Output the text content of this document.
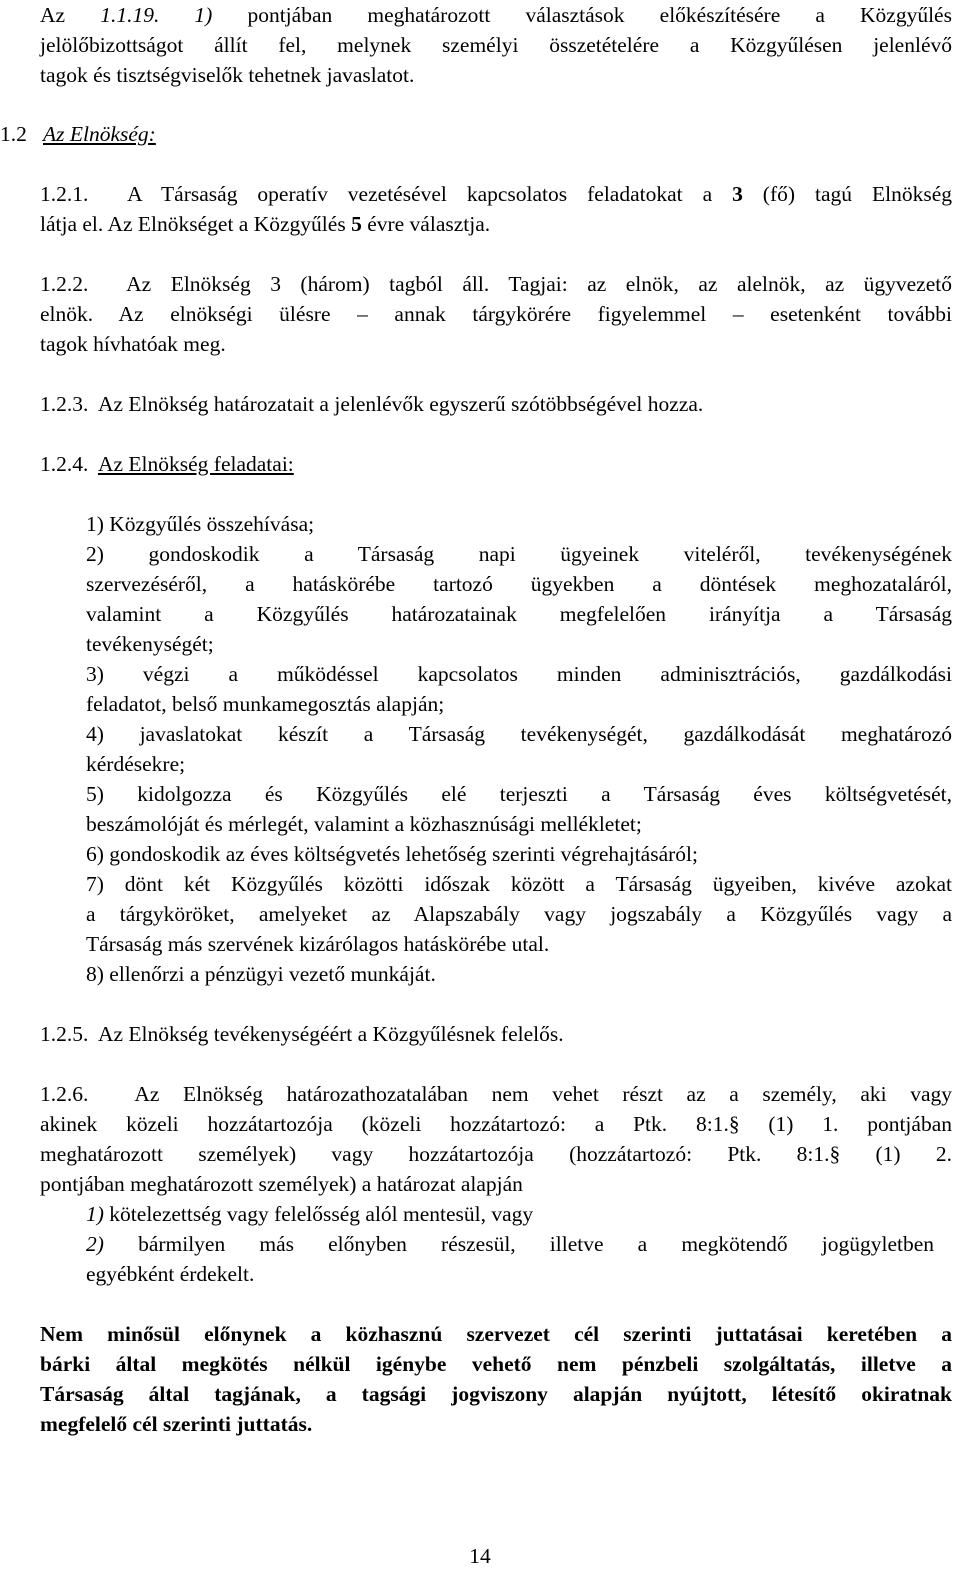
Az 1.1.19. 1) pontjában meghatározott választások előkészítésére a Közgyűlés

jelölőbizottságot állít fel, melynek személyi összetételére a Közgyűlésen jelenlévő

tagok és tisztségviselők tehetnek javaslatot.

1.2 Az Elnökség:

1.2.1. A Társaság operatív vezetésével kapcsolatos feladatokat a 3 (fő) tagú Elnökség

látja el. Az Elnökséget a Közgyűlés 5 évre választja.

1.2.2. Az Elnökség 3 (három) tagból áll. Tagjai: az elnök, az alelnök, az ügyvezető

elnök. Az elnökségi ülésre – annak tárgykörére figyelemmel – esetenként további

tagok hívhatóak meg.

1.2.3. Az Elnökség határozatait a jelenlévők egyszerű szótöbbségével hozza.

1.2.4. Az Elnökség feladatai:

1) Közgyűlés összehívása;

2) gondoskodik a Társaság napi ügyeinek viteléről, tevékenységének

szervezéséről, a hatáskörébe tartozó ügyekben a döntések meghozataláról,

valamint a Közgyűlés határozatainak megfelelően irányítja a Társaság

tevékenységét;

3) végzi a működéssel kapcsolatos minden adminisztrációs, gazdálkodási

feladatot, belső munkamegosztás alapján;

4) javaslatokat készít a Társaság tevékenységét, gazdálkodását meghatározó

kérdésekre;

5) kidolgozza és Közgyűlés elé terjeszti a Társaság éves költségvetését,

beszámolóját és mérlegét, valamint a közhasznúsági mellékletet;

6) gondoskodik az éves költségvetés lehetőség szerinti végrehajtásáról;

7) dönt két Közgyűlés közötti időszak között a Társaság ügyeiben, kivéve azokat

a tárgyköröket, amelyeket az Alapszabály vagy jogszabály a Közgyűlés vagy a

Társaság más szervének kizárólagos hatáskörébe utal.

8) ellenőrzi a pénzügyi vezető munkáját.

1.2.5. Az Elnökség tevékenységéért a Közgyűlésnek felelős.

1.2.6. Az Elnökség határozathozatalában nem vehet részt az a személy, aki vagy

akinek közeli hozzátartozója (közeli hozzátartozó: a Ptk. 8:1.§ (1) 1. pontjában

meghatározott személyek) vagy hozzátartozója (hozzátartozó: Ptk. 8:1.§ (1) 2.

pontjában meghatározott személyek) a határozat alapján

1) kötelezettség vagy felelősség alól mentesül, vagy

2) bármilyen más előnyben részesül, illetve a megkötendő jogügyletben

egyébként érdekelt.

Nem minősül előnynek a közhasznú szervezet cél szerinti juttatásai keretében a

bárki által megkötés nélkül igénybe vehető nem pénzbeli szolgáltatás, illetve a

Társaság által tagjának, a tagsági jogviszony alapján nyújtott, létesítő okiratnak

megfelelő cél szerinti juttatás.

14
